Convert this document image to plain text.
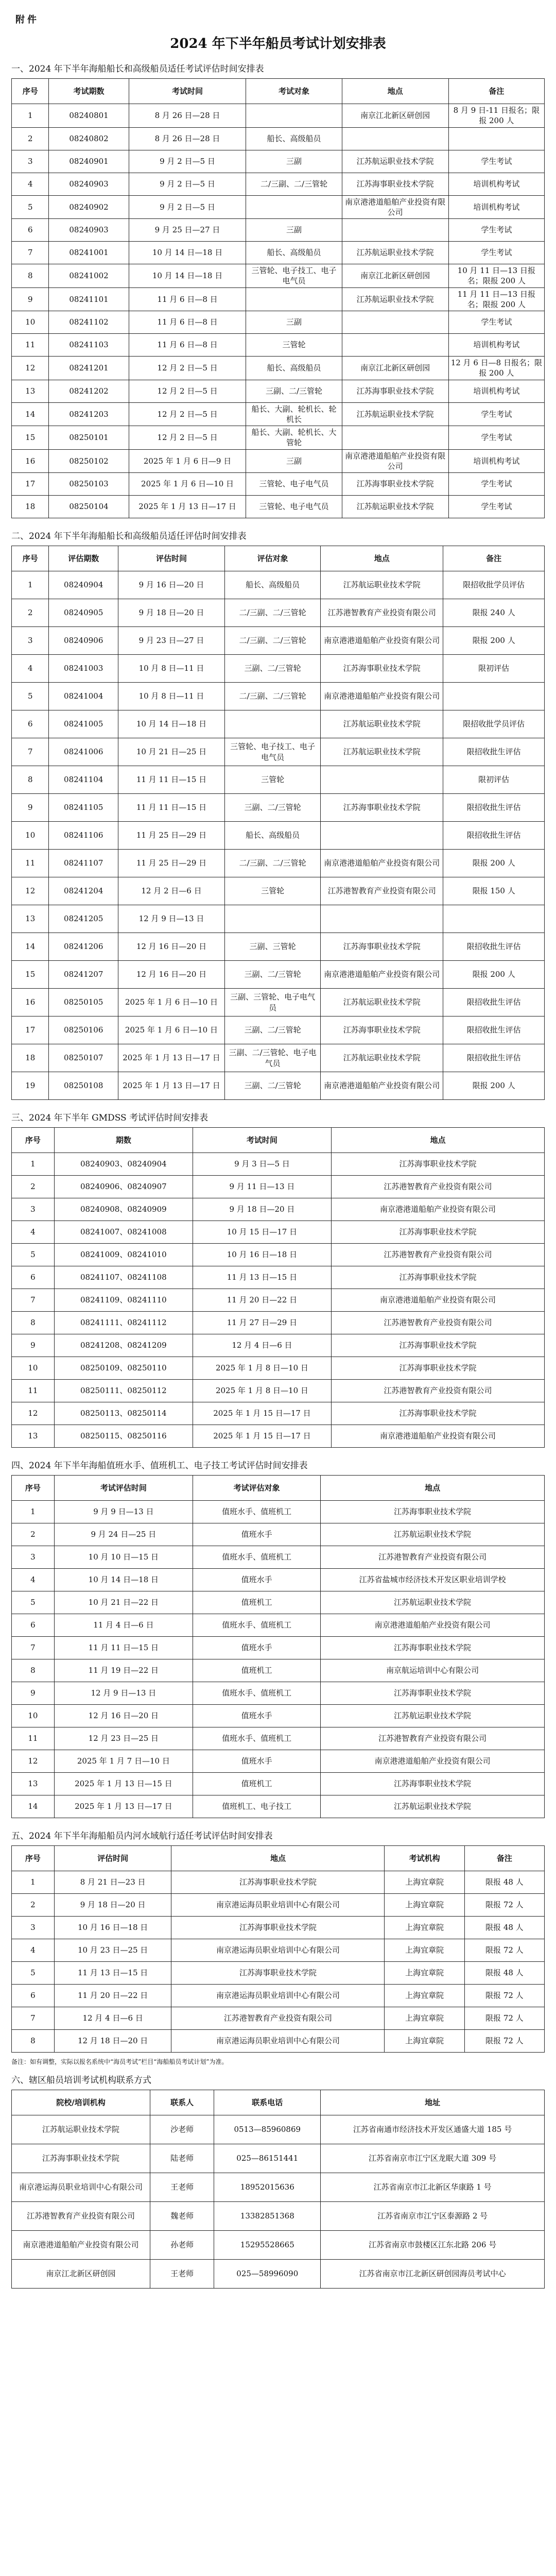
附 件
2024 年下半年船员考试计划安排表
一、2024 年下半年海船船长和高级船员适任考试评估时间安排表
序号	考试期数	考试时间	考试对象	地点	备注
1	08240801	8 月 26 日—28 日		南京江北新区研创园	8 月 9 日-11 日报名；限报 200 人
2	08240802	8 月 26 日—28 日	船长、高级船员		
3	08240901	9 月 2 日—5 日	三副	江苏航运职业技术学院	学生考试
4	08240903	9 月 2 日—5 日	二/三副、二/三管轮	江苏海事职业技术学院	培训机构考试
5	08240902	9 月 2 日—5 日		南京港港道船舶产业投资有限公司	培训机构考试
6	08240903	9 月 25 日—27 日	三副		学生考试
7	08241001	10 月 14 日—18 日	船长、高级船员	江苏航运职业技术学院	学生考试
8	08241002	10 月 14 日—18 日	三管轮、电子技工、电子电气员	南京江北新区研创园	10 月 11 日—13 日报名；限报 200 人
9	08241101	11 月 6 日—8 日		江苏航运职业技术学院	11 月 11 日—13 日报名；限报 200 人
10	08241102	11 月 6 日—8 日	三副		学生考试
11	08241103	11 月 6 日—8 日	三管轮		培训机构考试
12	08241201	12 月 2 日—5 日	船长、高级船员	南京江北新区研创园	12 月 6 日—8 日报名；限报 200 人
13	08241202	12 月 2 日—5 日	三副、二/三管轮	江苏海事职业技术学院	培训机构考试
14	08241203	12 月 2 日—5 日	船长、大副、轮机长、轮机长	江苏航运职业技术学院	学生考试
15	08250101	12 月 2 日—5 日	船长、大副、轮机长、大管轮		学生考试
16	08250102	2025 年 1 月 6 日—9 日	三副	南京港港道船舶产业投资有限公司	培训机构考试
17	08250103	2025 年 1 月 6 日—10 日	三管轮、电子电气员	江苏海事职业技术学院	学生考试
18	08250104	2025 年 1 月 13 日—17 日	三管轮、电子电气员	江苏航运职业技术学院	学生考试
二、2024 年下半年海船船长和高级船员适任评估时间安排表
序号	评估期数	评估时间	评估对象	地点	备注
1	08240904	9 月 16 日—20 日	船长、高级船员	江苏航运职业技术学院	限招收批学员评估
2	08240905	9 月 18 日—20 日	二/三副、二/三管轮	江苏港智教育产业投资有限公司	限报 240 人
3	08240906	9 月 23 日—27 日	二/三副、二/三管轮	南京港港道船舶产业投资有限公司	限报 200 人
4	08241003	10 月 8 日—11 日	三副、二/三管轮	江苏海事职业技术学院	限初评估
5	08241004	10 月 8 日—11 日	二/三副、二/三管轮	南京港港道船舶产业投资有限公司	
6	08241005	10 月 14 日—18 日		江苏航运职业技术学院	限招收批学员评估
7	08241006	10 月 21 日—25 日	三管轮、电子技工、电子电气员	江苏航运职业技术学院	限招收批生评估
8	08241104	11 月 11 日—15 日	三管轮		限初评估
9	08241105	11 月 11 日—15 日	三副、二/三管轮	江苏海事职业技术学院	限招收批生评估
10	08241106	11 月 25 日—29 日	船长、高级船员		限招收批生评估
11	08241107	11 月 25 日—29 日	二/三副、二/三管轮	南京港港道船舶产业投资有限公司	限报 200 人
12	08241204	12 月 2 日—6 日	三管轮	江苏港智教育产业投资有限公司	限报 150 人
13	08241205	12 月 9 日—13 日			
14	08241206	12 月 16 日—20 日	三副、三管轮	江苏海事职业技术学院	限招收批生评估
15	08241207	12 月 16 日—20 日	三副、二/三管轮	南京港港道船舶产业投资有限公司	限报 200 人
16	08250105	2025 年 1 月 6 日—10 日	三副、三管轮、电子电气员	江苏航运职业技术学院	限招收批生评估
17	08250106	2025 年 1 月 6 日—10 日	三副、二/三管轮	江苏海事职业技术学院	限招收批生评估
18	08250107	2025 年 1 月 13 日—17 日	三副、二/三管轮、电子电气员	江苏航运职业技术学院	限招收批生评估
19	08250108	2025 年 1 月 13 日—17 日	三副、二/三管轮	南京港港道船舶产业投资有限公司	限报 200 人
三、2024 年下半年 GMDSS 考试评估时间安排表
序号	期数	考试时间	地点
1	08240903、08240904	9 月 3 日—5 日	江苏海事职业技术学院
2	08240906、08240907	9 月 11 日—13 日	江苏港智教育产业投资有限公司
3	08240908、08240909	9 月 18 日—20 日	南京港港道船舶产业投资有限公司
4	08241007、08241008	10 月 15 日—17 日	江苏海事职业技术学院
5	08241009、08241010	10 月 16 日—18 日	江苏港智教育产业投资有限公司
6	08241107、08241108	11 月 13 日—15 日	江苏海事职业技术学院
7	08241109、08241110	11 月 20 日—22 日	南京港港道船舶产业投资有限公司
8	08241111、08241112	11 月 27 日—29 日	江苏港智教育产业投资有限公司
9	08241208、08241209	12 月 4 日—6 日	江苏海事职业技术学院
10	08250109、08250110	2025 年 1 月 8 日—10 日	江苏海事职业技术学院
11	08250111、08250112	2025 年 1 月 8 日—10 日	江苏港智教育产业投资有限公司
12	08250113、08250114	2025 年 1 月 15 日—17 日	江苏海事职业技术学院
13	08250115、08250116	2025 年 1 月 15 日—17 日	南京港港道船舶产业投资有限公司
四、2024 年下半年海船值班水手、值班机工、电子技工考试评估时间安排表
序号	考试评估时间	考试评估对象	地点
1	9 月 9 日—13 日	值班水手、值班机工	江苏海事职业技术学院
2	9 月 24 日—25 日	值班水手	江苏航运职业技术学院
3	10 月 10 日—15 日	值班水手、值班机工	江苏港智教育产业投资有限公司
4	10 月 14 日—18 日	值班水手	江苏省盐城市经济技术开发区职业培训学校
5	10 月 21 日—22 日	值班机工	江苏航运职业技术学院
6	11 月 4 日—6 日	值班水手、值班机工	南京港港道船舶产业投资有限公司
7	11 月 11 日—15 日	值班水手	江苏海事职业技术学院
8	11 月 19 日—22 日	值班机工	南京航运培训中心有限公司
9	12 月 9 日—13 日	值班水手、值班机工	江苏海事职业技术学院
10	12 月 16 日—20 日	值班水手	江苏航运职业技术学院
11	12 月 23 日—25 日	值班水手、值班机工	江苏港智教育产业投资有限公司
12	2025 年 1 月 7 日—10 日	值班水手	南京港港道船舶产业投资有限公司
13	2025 年 1 月 13 日—15 日	值班机工	江苏海事职业技术学院
14	2025 年 1 月 13 日—17 日	值班机工、电子技工	江苏航运职业技术学院
五、2024 年下半年海船船员内河水域航行适任考试评估时间安排表
序号	评估时间	地点	考试机构	备注
1	8 月 21 日—23 日	江苏海事职业技术学院	上海宜章院	限报 48 人
2	9 月 18 日—20 日	南京港运海员职业培训中心有限公司	上海宜章院	限报 72 人
3	10 月 16 日—18 日	江苏海事职业技术学院	上海宜章院	限报 48 人
4	10 月 23 日—25 日	南京港运海员职业培训中心有限公司	上海宜章院	限报 72 人
5	11 月 13 日—15 日	江苏海事职业技术学院	上海宜章院	限报 48 人
6	11 月 20 日—22 日	南京港运海员职业培训中心有限公司	上海宜章院	限报 72 人
7	12 月 4 日—6 日	江苏港智教育产业投资有限公司	上海宜章院	限报 72 人
8	12 月 18 日—20 日	南京港运海员职业培训中心有限公司	上海宜章院	限报 72 人
备注：如有调整，实际以报名系统中“海员考试”栏目“海船船员考试计划”为准。
六、辖区船员培训考试机构联系方式
院校/培训机构	联系人	联系电话	地址
江苏航运职业技术学院	沙老师	0513—85960869	江苏省南通市经济技术开发区通盛大道 185 号
江苏海事职业技术学院	陆老师	025—86151441	江苏省南京市江宁区龙眠大道 309 号
南京港运海员职业培训中心有限公司	王老师	18952015636	江苏省南京市江北新区华康路 1 号
江苏港智教育产业投资有限公司	魏老师	13382851368	江苏省南京市江宁区泰源路 2 号
南京港港道船舶产业投资有限公司	孙老师	15295528665	江苏省南京市鼓楼区江东北路 206 号
南京江北新区研创园	王老师	025—58996090	江苏省南京市江北新区研创园海员考试中心
